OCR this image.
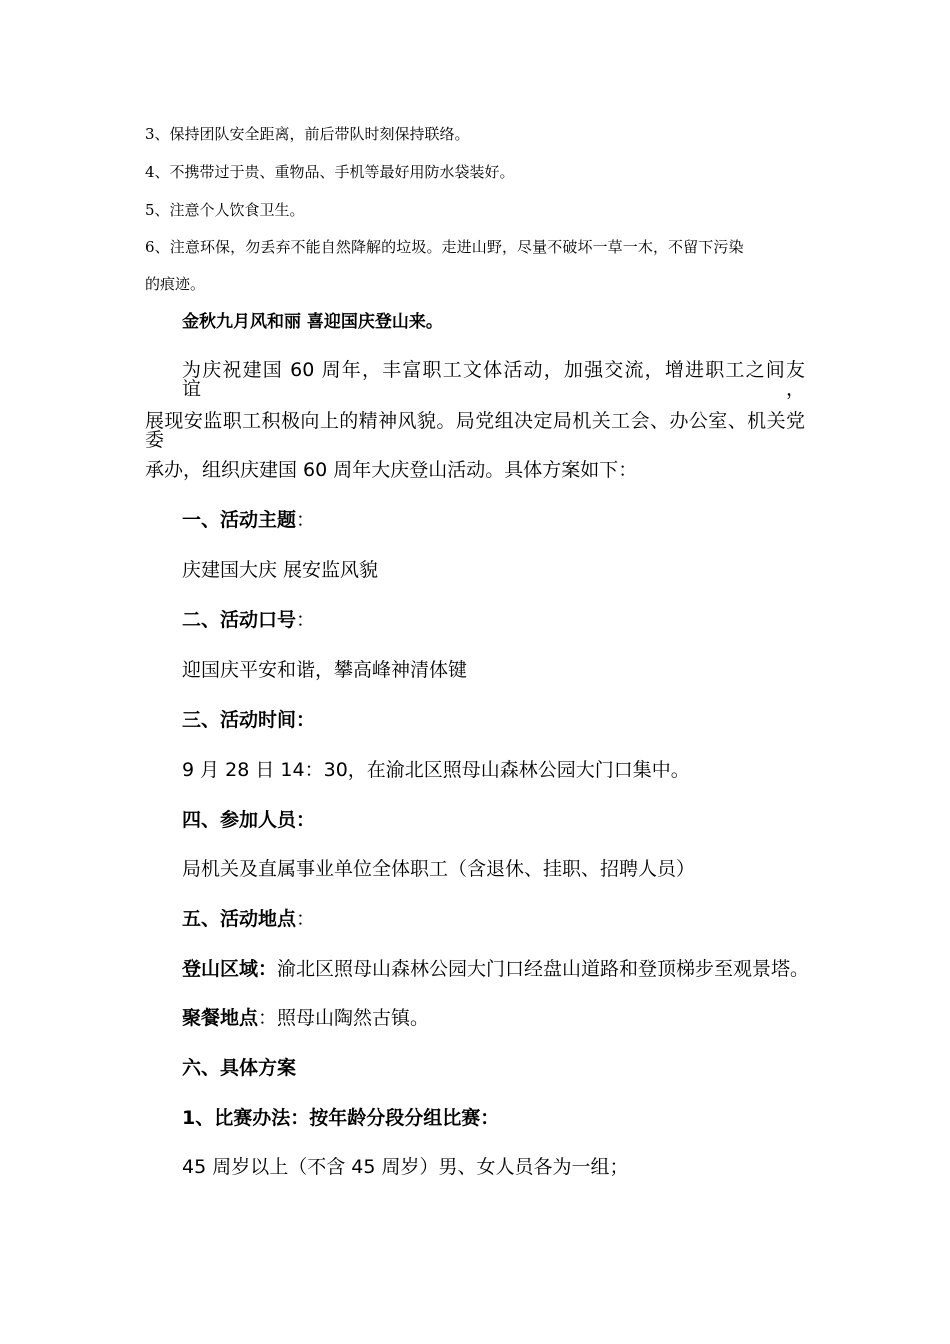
3、保持团队安全距离，前后带队时刻保持联络。
4、不携带过于贵、重物品、手机等最好用防水袋装好。
5、注意个人饮食卫生。
6、注意环保，勿丢弃不能自然降解的垃圾。走进山野，尽量不破坏一草一木，不留下污染
的痕迹。
金秋九月风和丽 喜迎国庆登山来。
为庆祝建国 60 周年，丰富职工文体活动，加强交流，增进职工之间友谊，
展现安监职工积极向上的精神风貌。局党组决定局机关工会、办公室、机关党委
承办，组织庆建国 60 周年大庆登山活动。具体方案如下：
一、活动主题：
庆建国大庆 展安监风貌
二、活动口号：
迎国庆平安和谐，攀高峰神清体键
三、活动时间：
9 月 28 日 14：30，在渝北区照母山森林公园大门口集中。
四、参加人员：
局机关及直属事业单位全体职工（含退休、挂职、招聘人员）
五、活动地点：
登山区域：渝北区照母山森林公园大门口经盘山道路和登顶梯步至观景塔。
聚餐地点：照母山陶然古镇。
六、具体方案
1、比赛办法：按年龄分段分组比赛：
45 周岁以上（不含 45 周岁）男、女人员各为一组；
